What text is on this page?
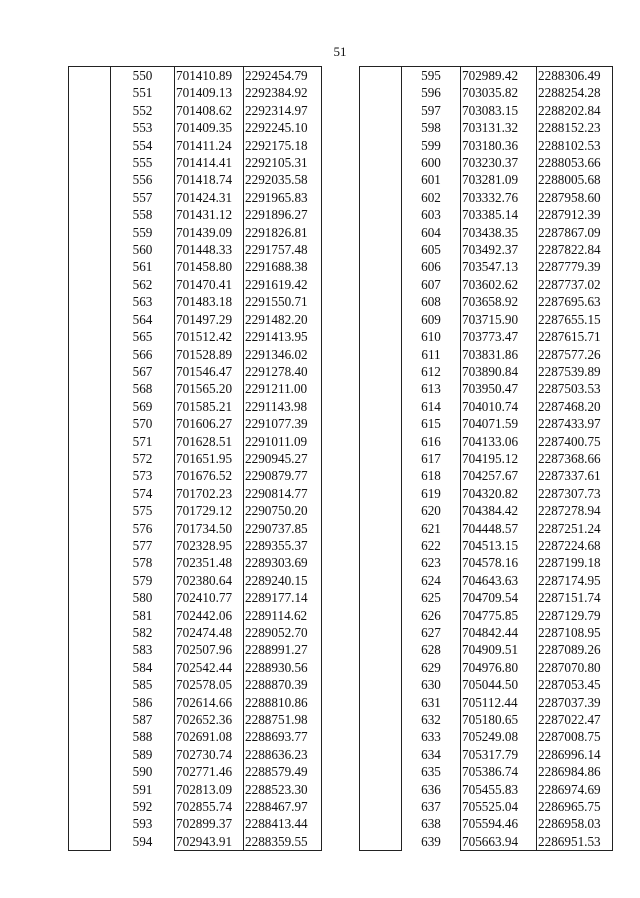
51
	550	701410.89	2292454.79
	551	701409.13	2292384.92
	552	701408.62	2292314.97
	553	701409.35	2292245.10
	554	701411.24	2292175.18
	555	701414.41	2292105.31
	556	701418.74	2292035.58
	557	701424.31	2291965.83
	558	701431.12	2291896.27
	559	701439.09	2291826.81
	560	701448.33	2291757.48
	561	701458.80	2291688.38
	562	701470.41	2291619.42
	563	701483.18	2291550.71
	564	701497.29	2291482.20
	565	701512.42	2291413.95
	566	701528.89	2291346.02
	567	701546.47	2291278.40
	568	701565.20	2291211.00
	569	701585.21	2291143.98
	570	701606.27	2291077.39
	571	701628.51	2291011.09
	572	701651.95	2290945.27
	573	701676.52	2290879.77
	574	701702.23	2290814.77
	575	701729.12	2290750.20
	576	701734.50	2290737.85
	577	702328.95	2289355.37
	578	702351.48	2289303.69
	579	702380.64	2289240.15
	580	702410.77	2289177.14
	581	702442.06	2289114.62
	582	702474.48	2289052.70
	583	702507.96	2288991.27
	584	702542.44	2288930.56
	585	702578.05	2288870.39
	586	702614.66	2288810.86
	587	702652.36	2288751.98
	588	702691.08	2288693.77
	589	702730.74	2288636.23
	590	702771.46	2288579.49
	591	702813.09	2288523.30
	592	702855.74	2288467.97
	593	702899.37	2288413.44
	594	702943.91	2288359.55
	595	702989.42	2288306.49
	596	703035.82	2288254.28
	597	703083.15	2288202.84
	598	703131.32	2288152.23
	599	703180.36	2288102.53
	600	703230.37	2288053.66
	601	703281.09	2288005.68
	602	703332.76	2287958.60
	603	703385.14	2287912.39
	604	703438.35	2287867.09
	605	703492.37	2287822.84
	606	703547.13	2287779.39
	607	703602.62	2287737.02
	608	703658.92	2287695.63
	609	703715.90	2287655.15
	610	703773.47	2287615.71
	611	703831.86	2287577.26
	612	703890.84	2287539.89
	613	703950.47	2287503.53
	614	704010.74	2287468.20
	615	704071.59	2287433.97
	616	704133.06	2287400.75
	617	704195.12	2287368.66
	618	704257.67	2287337.61
	619	704320.82	2287307.73
	620	704384.42	2287278.94
	621	704448.57	2287251.24
	622	704513.15	2287224.68
	623	704578.16	2287199.18
	624	704643.63	2287174.95
	625	704709.54	2287151.74
	626	704775.85	2287129.79
	627	704842.44	2287108.95
	628	704909.51	2287089.26
	629	704976.80	2287070.80
	630	705044.50	2287053.45
	631	705112.44	2287037.39
	632	705180.65	2287022.47
	633	705249.08	2287008.75
	634	705317.79	2286996.14
	635	705386.74	2286984.86
	636	705455.83	2286974.69
	637	705525.04	2286965.75
	638	705594.46	2286958.03
	639	705663.94	2286951.53
